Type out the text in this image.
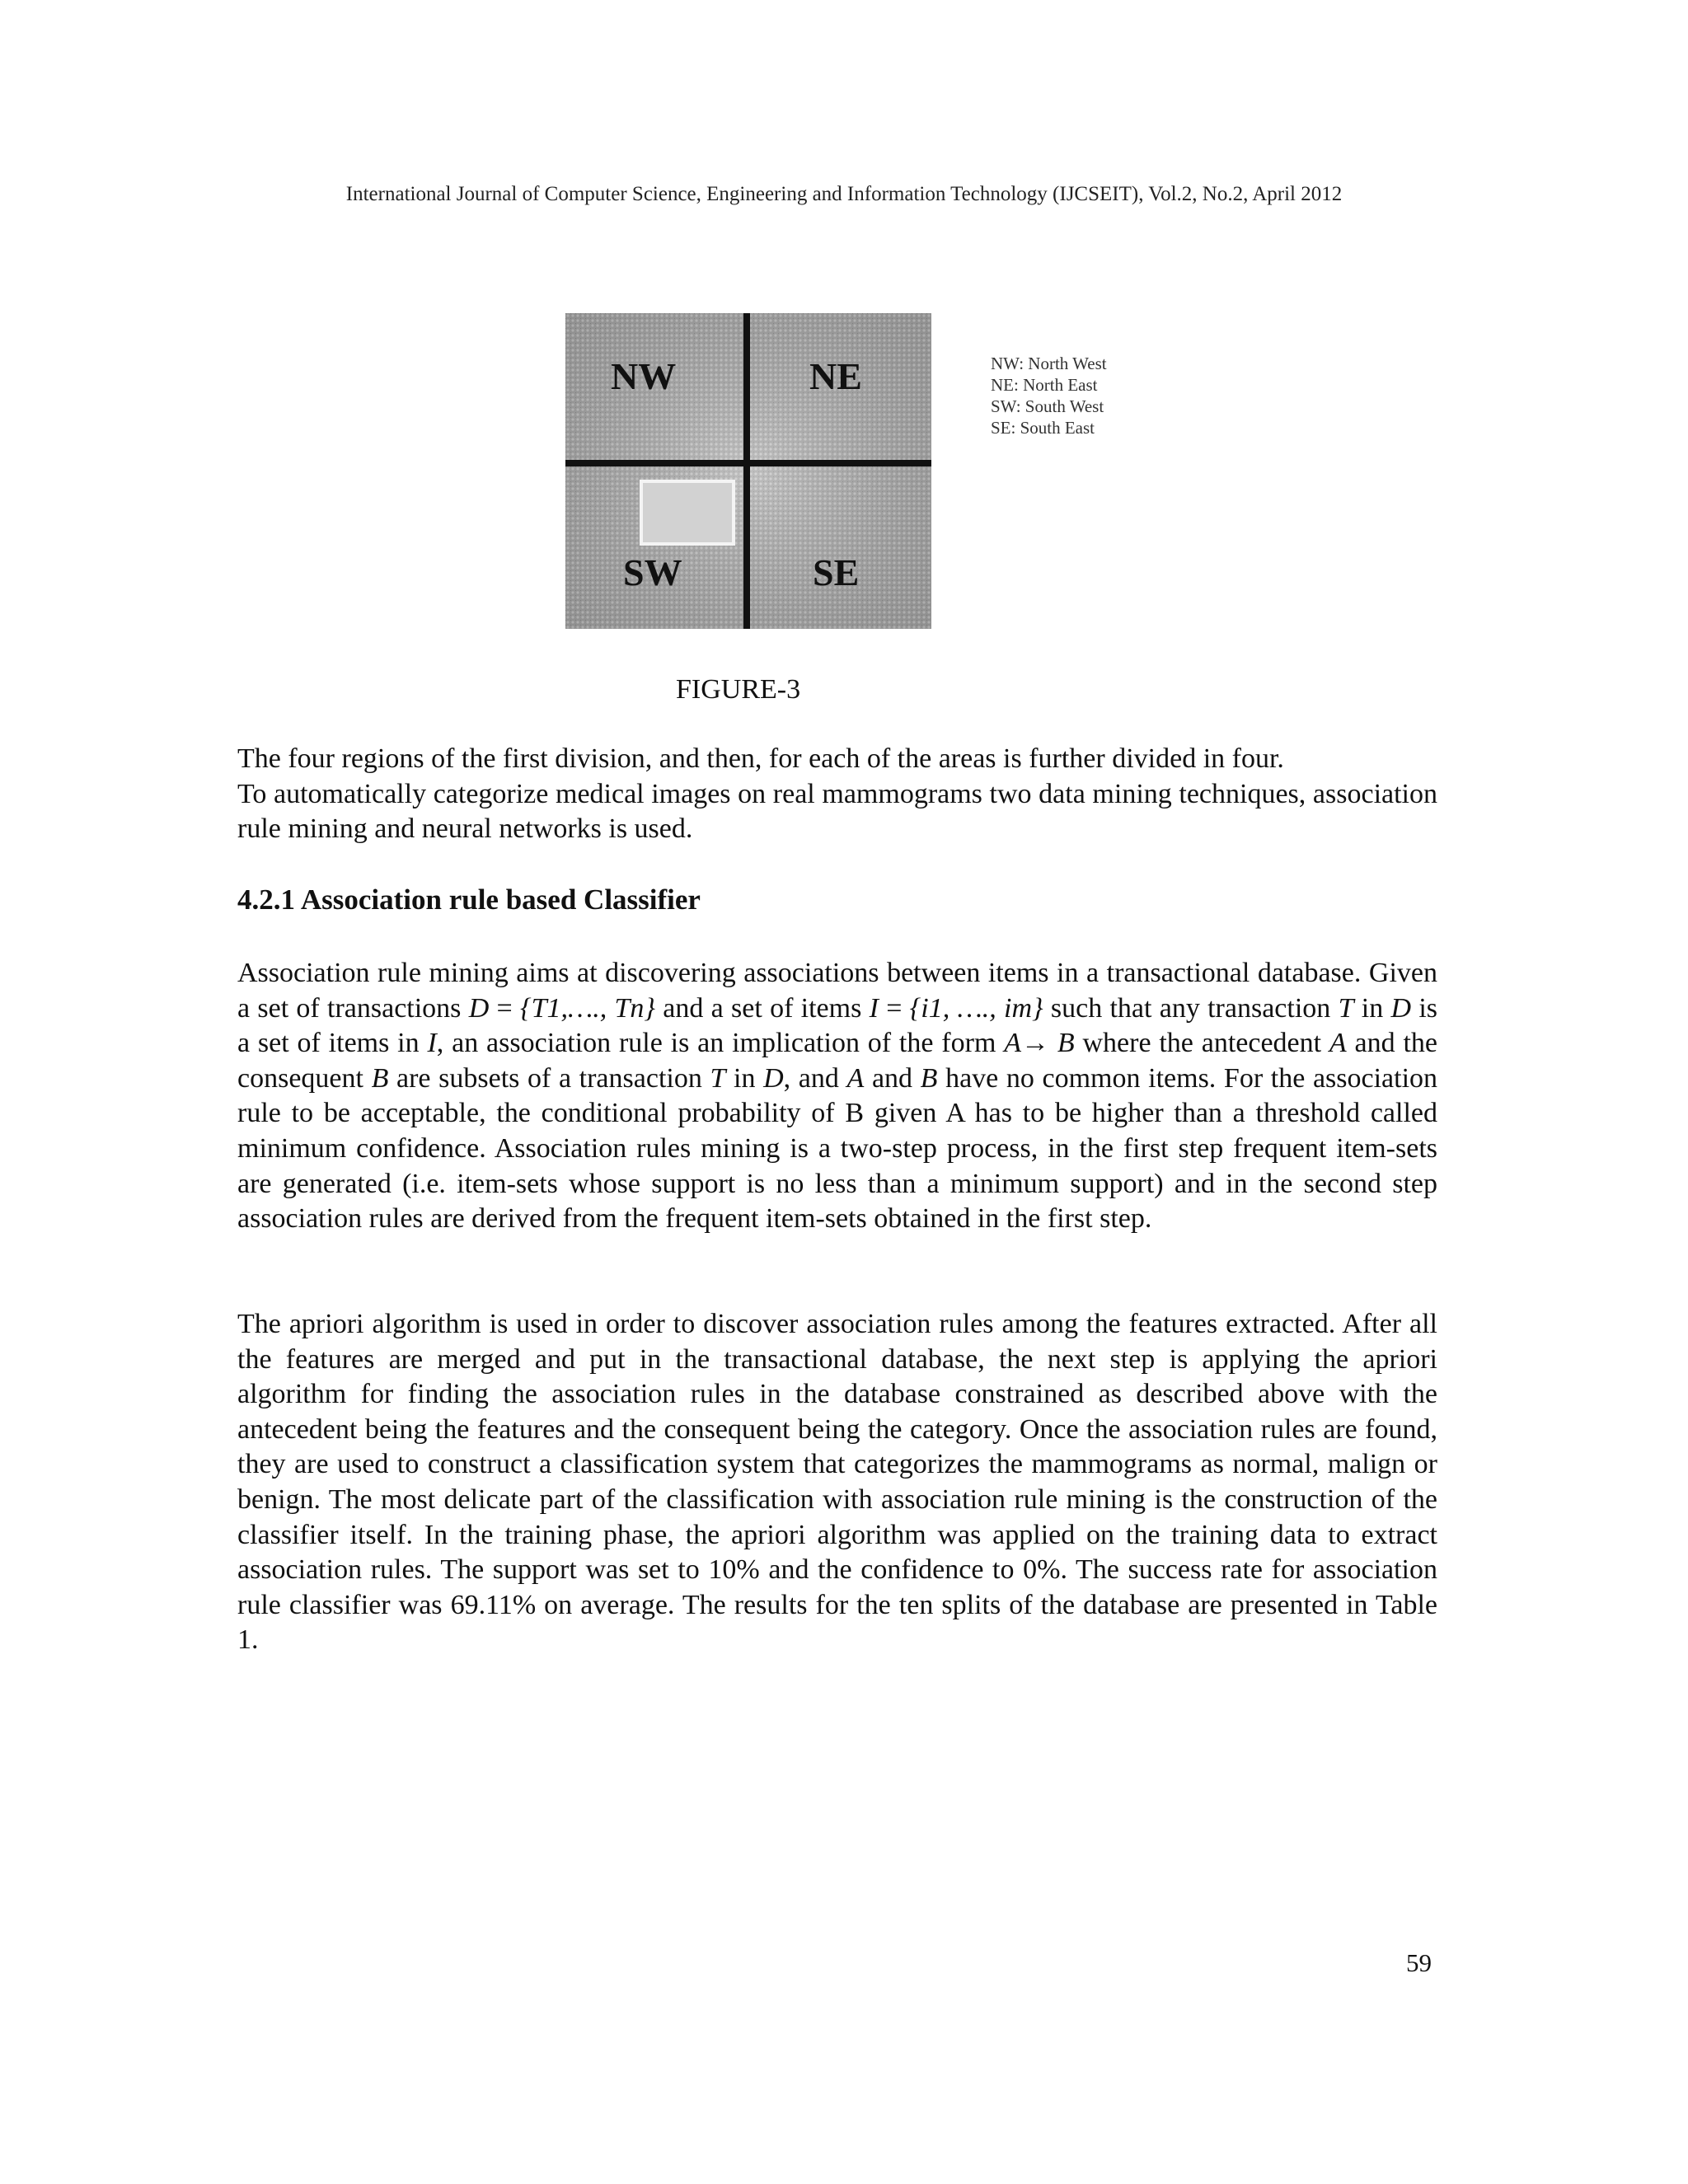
International Journal of Computer Science, Engineering and Information Technology (IJCSEIT), Vol.2, No.2, April 2012
NW	NE
SW	SE
NW: North West
NE: North East
SW: South West
SE: South East
FIGURE-3
The four regions of the first division, and then, for each of the areas is further divided in four.
To automatically categorize medical images on real mammograms two data mining techniques, association rule mining and neural networks is used.
4.2.1 Association rule based Classifier
Association rule mining aims at discovering associations between items in a transactional database. Given a set of transactions D = {T1,…., Tn} and a set of items I = {i1, …., im} such that any transaction T in D is a set of items in I, an association rule is an implication of the form A→ B where the antecedent A and the consequent B are subsets of a transaction T in D, and A and B have no common items. For the association rule to be acceptable, the conditional probability of B given A has to be higher than a threshold called minimum confidence. Association rules mining is a two-step process, in the first step frequent item-sets are generated (i.e. item-sets whose support is no less than a minimum support) and in the second step association rules are derived from the frequent item-sets obtained in the first step.
The apriori algorithm is used in order to discover association rules among the features extracted. After all the features are merged and put in the transactional database, the next step is applying the apriori algorithm for finding the association rules in the database constrained as described above with the antecedent being the features and the consequent being the category. Once the association rules are found, they are used to construct a classification system that categorizes the mammograms as normal, malign or benign. The most delicate part of the classification with association rule mining is the construction of the classifier itself. In the training phase, the apriori algorithm was applied on the training data to extract association rules. The support was set to 10% and the confidence to 0%. The success rate for association rule classifier was 69.11% on average. The results for the ten splits of the database are presented in Table 1.
59
